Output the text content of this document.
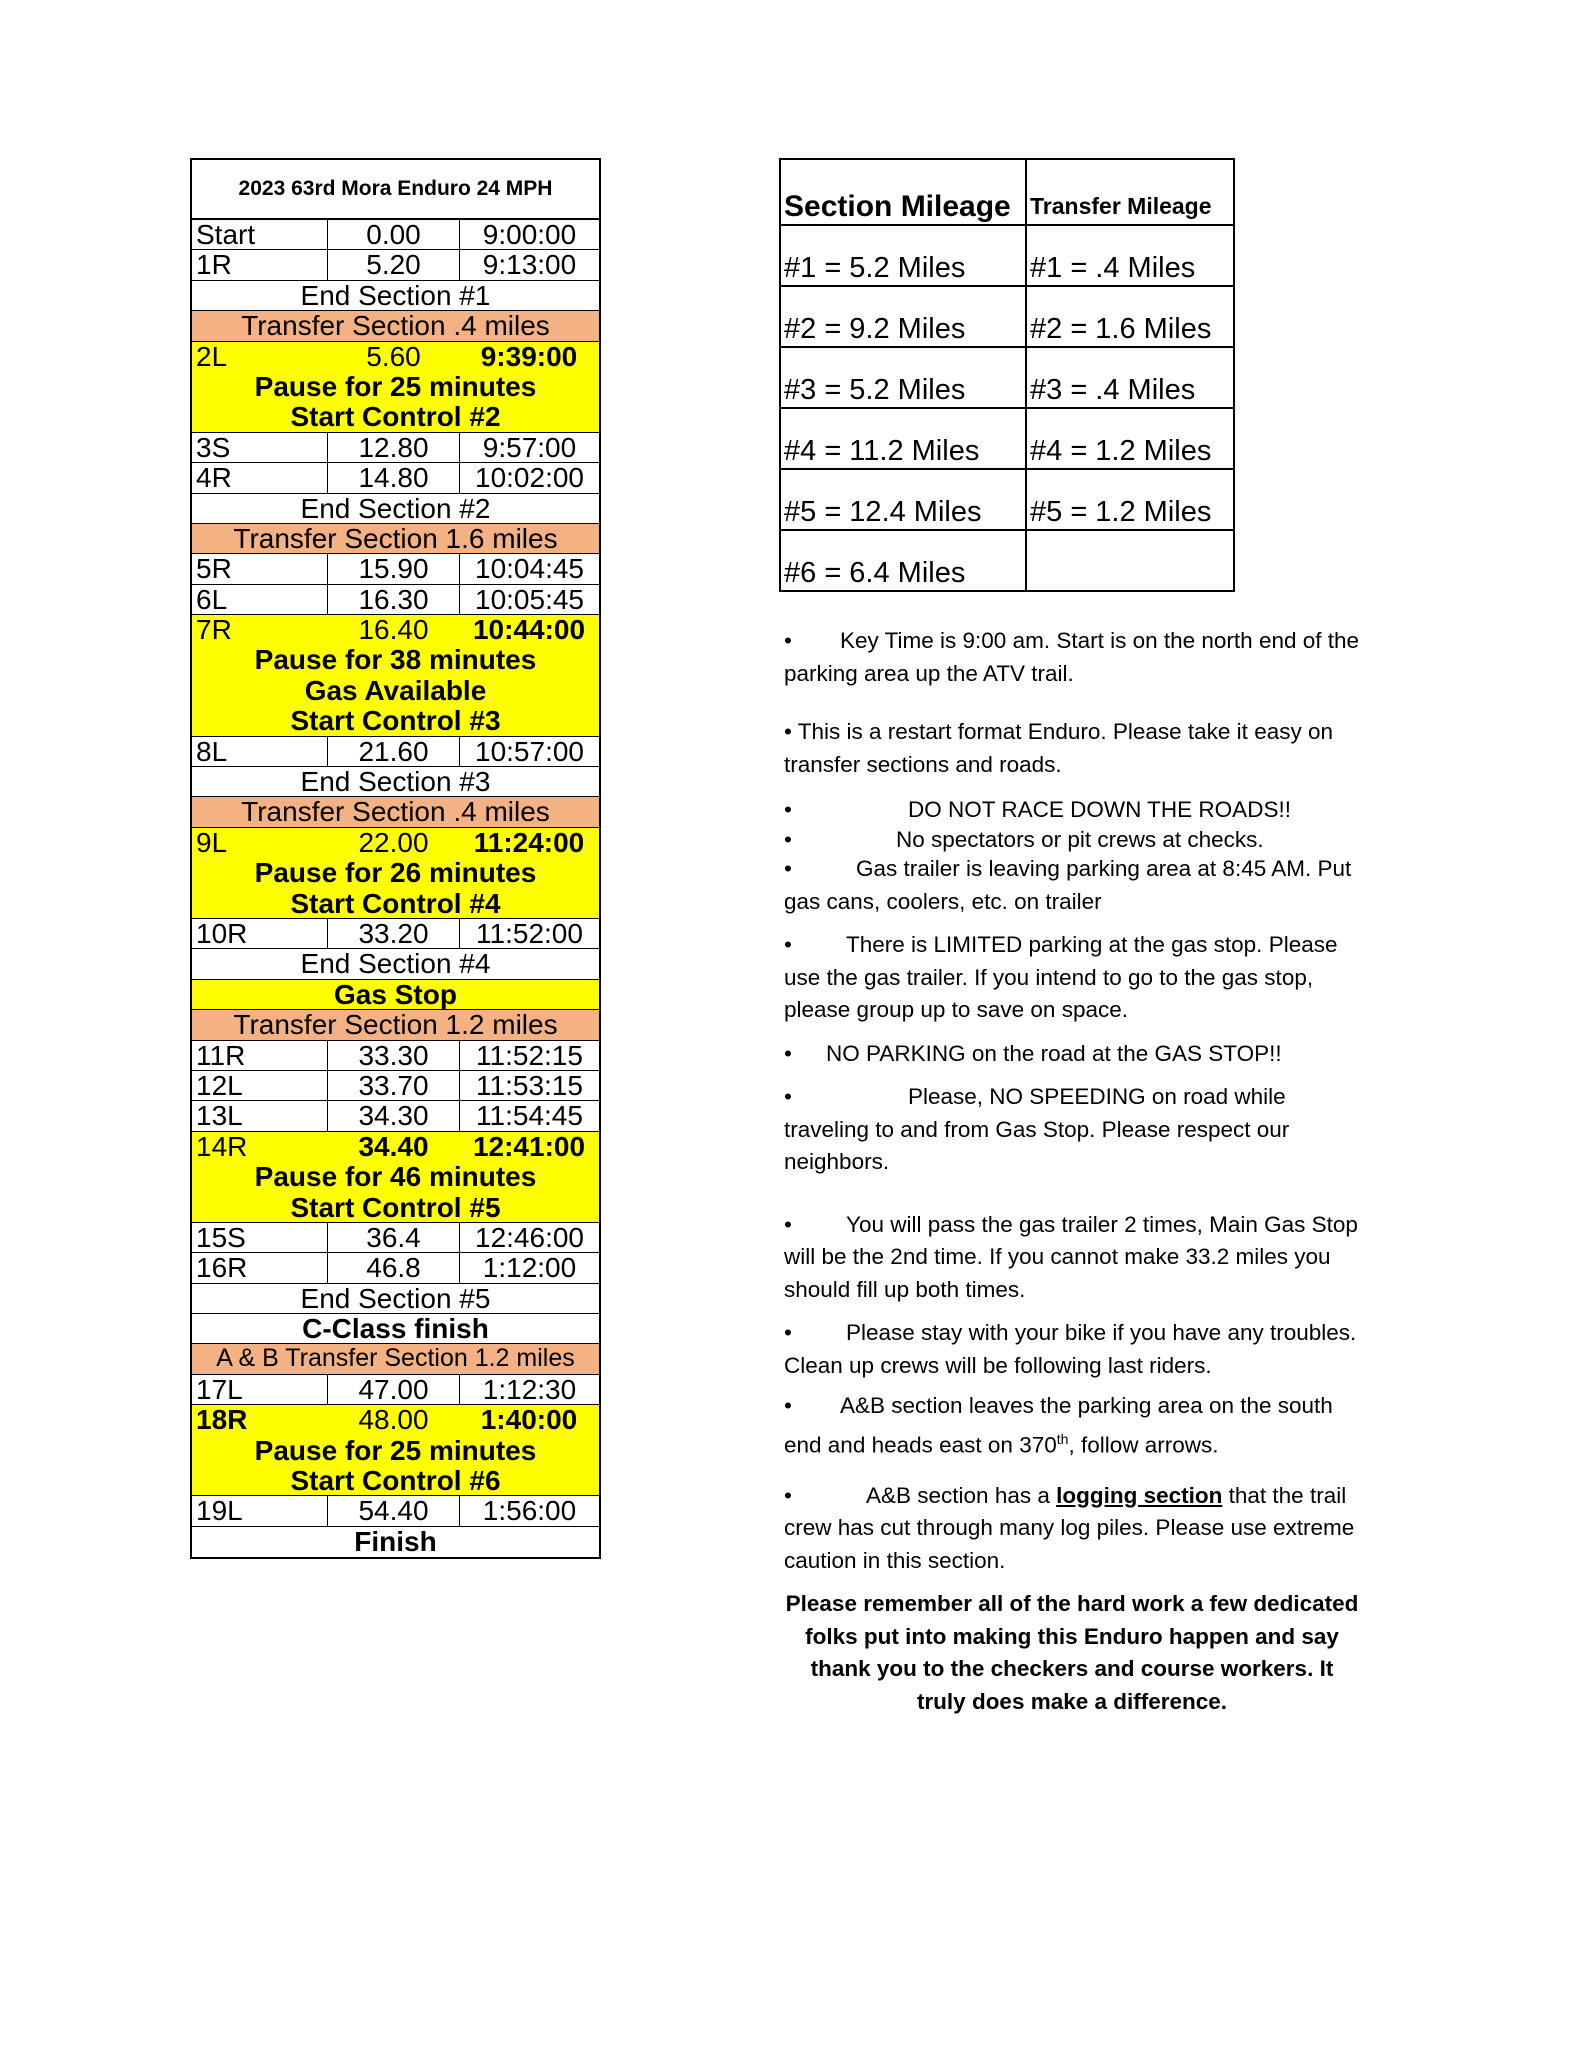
2023 63rd Mora Enduro 24 MPH
Start	0.00	9:00:00
1R	5.20	9:13:00
End Section #1
Transfer Section .4 miles
2L	5.60	9:39:00
Pause for 25 minutes
Start Control #2
3S	12.80	9:57:00
4R	14.80	10:02:00
End Section #2
Transfer Section 1.6 miles
5R	15.90	10:04:45
6L	16.30	10:05:45
7R	16.40	10:44:00
Pause for 38 minutes
Gas Available
Start Control #3
8L	21.60	10:57:00
End Section #3
Transfer Section .4 miles
9L	22.00	11:24:00
Pause for 26 minutes
Start Control #4
10R	33.20	11:52:00
End Section #4
Gas Stop
Transfer Section 1.2 miles
11R	33.30	11:52:15
12L	33.70	11:53:15
13L	34.30	11:54:45
14R	34.40	12:41:00
Pause for 46 minutes
Start Control #5
15S	36.4	12:46:00
16R	46.8	1:12:00
End Section #5
C-Class finish
A & B Transfer Section 1.2 miles
17L	47.00	1:12:30
18R	48.00	1:40:00
Pause for 25 minutes
Start Control #6
19L	54.40	1:56:00
Finish
Section Mileage	Transfer Mileage
#1 = 5.2 Miles	#1 = .4 Miles
#2 = 9.2 Miles	#2 = 1.6 Miles
#3 = 5.2 Miles	#3 = .4 Miles
#4 = 11.2 Miles	#4 = 1.2 Miles
#5 = 12.4 Miles	#5 = 1.2 Miles
#6 = 6.4 Miles	

• Key Time is 9:00 am. Start is on the north end of the parking area up the ATV trail.

• This is a restart format Enduro. Please take it easy on transfer sections and roads.

•	DO NOT RACE DOWN THE ROADS!!

•	No spectators or pit crews at checks.

•	Gas trailer is leaving parking area at 8:45 AM. Put gas cans, coolers, etc. on trailer

• There is LIMITED parking at the gas stop. Please use the gas trailer. If you intend to go to the gas stop, please group up to save on space.

• NO PARKING on the road at the GAS STOP!!

•	Please, NO SPEEDING on road while traveling to and from Gas Stop. Please respect our neighbors.

• You will pass the gas trailer 2 times, Main Gas Stop will be the 2nd time. If you cannot make 33.2 miles you should fill up both times.

• Please stay with your bike if you have any troubles. Clean up crews will be following last riders.

• A&B section leaves the parking area on the south end and heads east on 370th, follow arrows.

•	A&B section has a logging section that the trail crew has cut through many log piles. Please use extreme caution in this section.

Please remember all of the hard work a few dedicated folks put into making this Enduro happen and say thank you to the checkers and course workers. It truly does make a difference.
